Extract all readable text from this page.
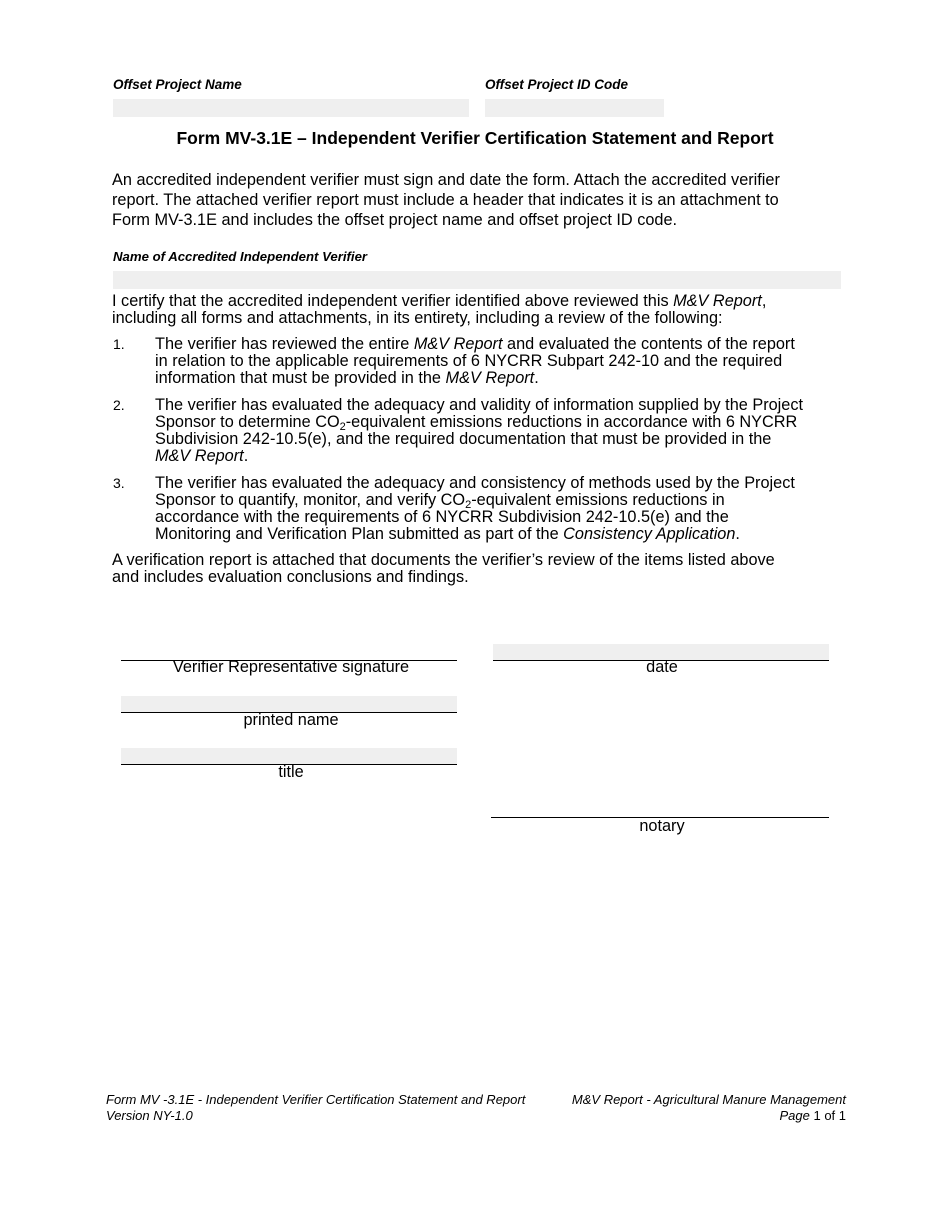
Offset Project Name	Offset Project ID Code
Form MV-3.1E – Independent Verifier Certification Statement and Report
An accredited independent verifier must sign and date the form. Attach the accredited verifier
report. The attached verifier report must include a header that indicates it is an attachment to
Form MV-3.1E and includes the offset project name and offset project ID code.
Name of Accredited Independent Verifier
I certify that the accredited independent verifier identified above reviewed this M&V Report,
including all forms and attachments, in its entirety, including a review of the following:
1. The verifier has reviewed the entire M&V Report and evaluated the contents of the report
in relation to the applicable requirements of 6 NYCRR Subpart 242-10 and the required
information that must be provided in the M&V Report.
2. The verifier has evaluated the adequacy and validity of information supplied by the Project
Sponsor to determine $CO_2$-equivalent emissions reductions in accordance with 6 NYCRR
Subdivision 242-10.5(e), and the required documentation that must be provided in the
M&V Report.
3. The verifier has evaluated the adequacy and consistency of methods used by the Project
Sponsor to quantify, monitor, and verify $CO_2$-equivalent emissions reductions in
accordance with the requirements of 6 NYCRR Subdivision 242-10.5(e) and the
Monitoring and Verification Plan submitted as part of the Consistency Application.
A verification report is attached that documents the verifier’s review of the items listed above
and includes evaluation conclusions and findings.
Verifier Representative signature	date
printed name
title
notary
Form MV -3.1E - Independent Verifier Certification Statement and Report
Version NY-1.0
M&V Report - Agricultural Manure Management
Page 1 of 1
